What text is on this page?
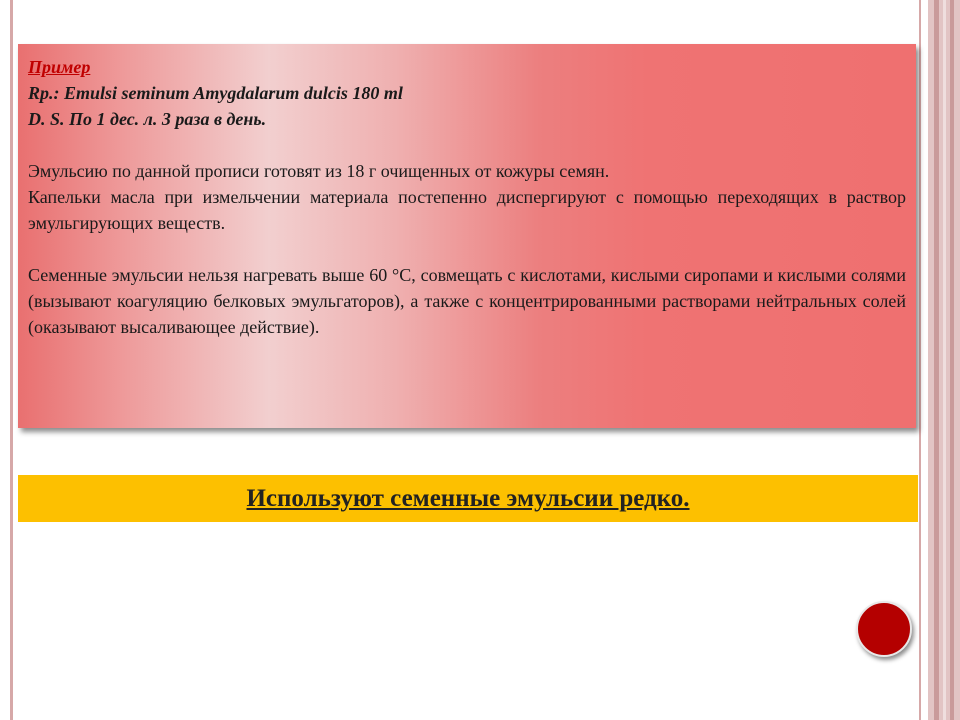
Пример

Rp.: Emulsi seminum Amygdalarum dulcis 180 ml

D. S. По 1 дес. л. 3 раза в день.

Эмульсию по данной прописи готовят из 18 г очищенных от кожуры семян.

Капельки масла при измельчении материала постепенно диспергируют с помощью переходящих в раствор эмульгирующих веществ.

Семенные эмульсии нельзя нагревать выше 60 °С, совмещать с кислотами, кислыми сиропами и кислыми солями (вызывают коагуляцию белковых эмульгаторов), а также с концентрированными растворами нейтральных солей (оказывают высаливающее действие).

Используют семенные эмульсии редко.
